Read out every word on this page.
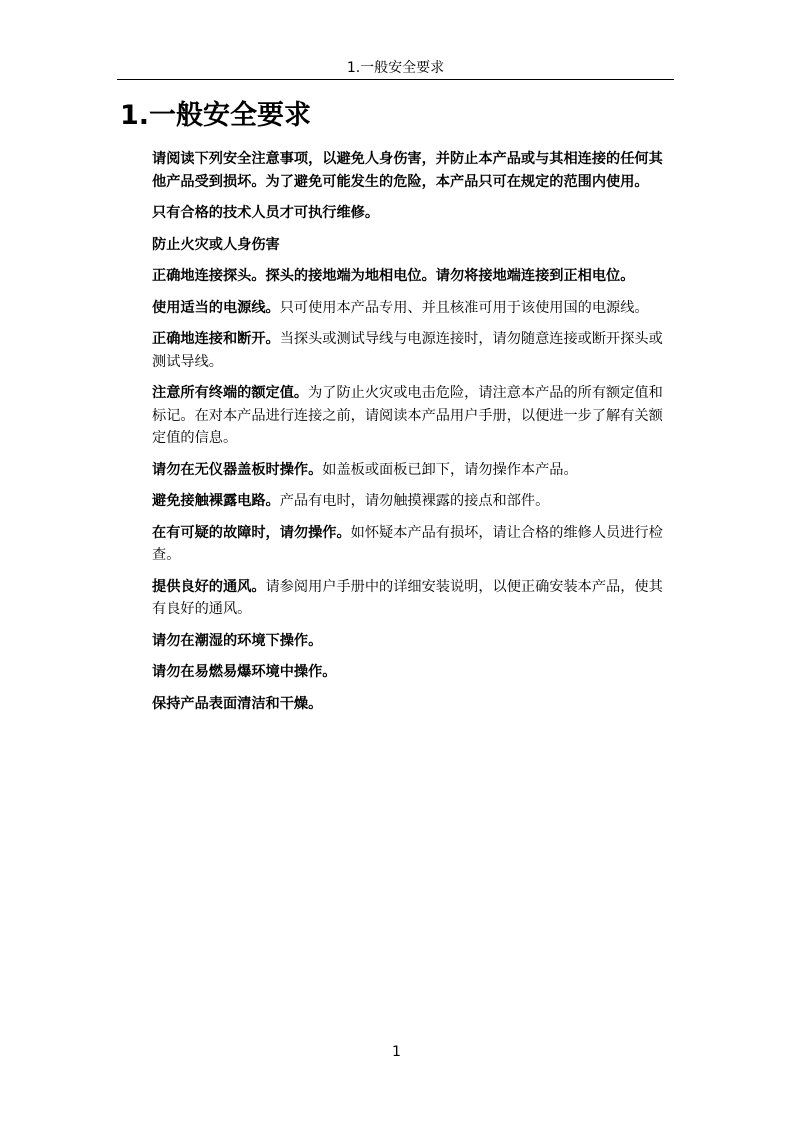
1.一般安全要求
1.一般安全要求

请阅读下列安全注意事项，以避免人身伤害，并防止本产品或与其相连接的任何其他产品受到损坏。为了避免可能发生的危险，本产品只可在规定的范围内使用。

只有合格的技术人员才可执行维修。

防止火灾或人身伤害

正确地连接探头。探头的接地端为地相电位。请勿将接地端连接到正相电位。

使用适当的电源线。只可使用本产品专用、并且核准可用于该使用国的电源线。

正确地连接和断开。当探头或测试导线与电源连接时，请勿随意连接或断开探头或测试导线。

注意所有终端的额定值。为了防止火灾或电击危险，请注意本产品的所有额定值和标记。在对本产品进行连接之前，请阅读本产品用户手册，以便进一步了解有关额定值的信息。

请勿在无仪器盖板时操作。如盖板或面板已卸下，请勿操作本产品。

避免接触裸露电路。产品有电时，请勿触摸裸露的接点和部件。

在有可疑的故障时，请勿操作。如怀疑本产品有损坏，请让合格的维修人员进行检查。

提供良好的通风。请参阅用户手册中的详细安装说明，以便正确安装本产品，使其有良好的通风。

请勿在潮湿的环境下操作。

请勿在易燃易爆环境中操作。

保持产品表面清洁和干燥。

1
